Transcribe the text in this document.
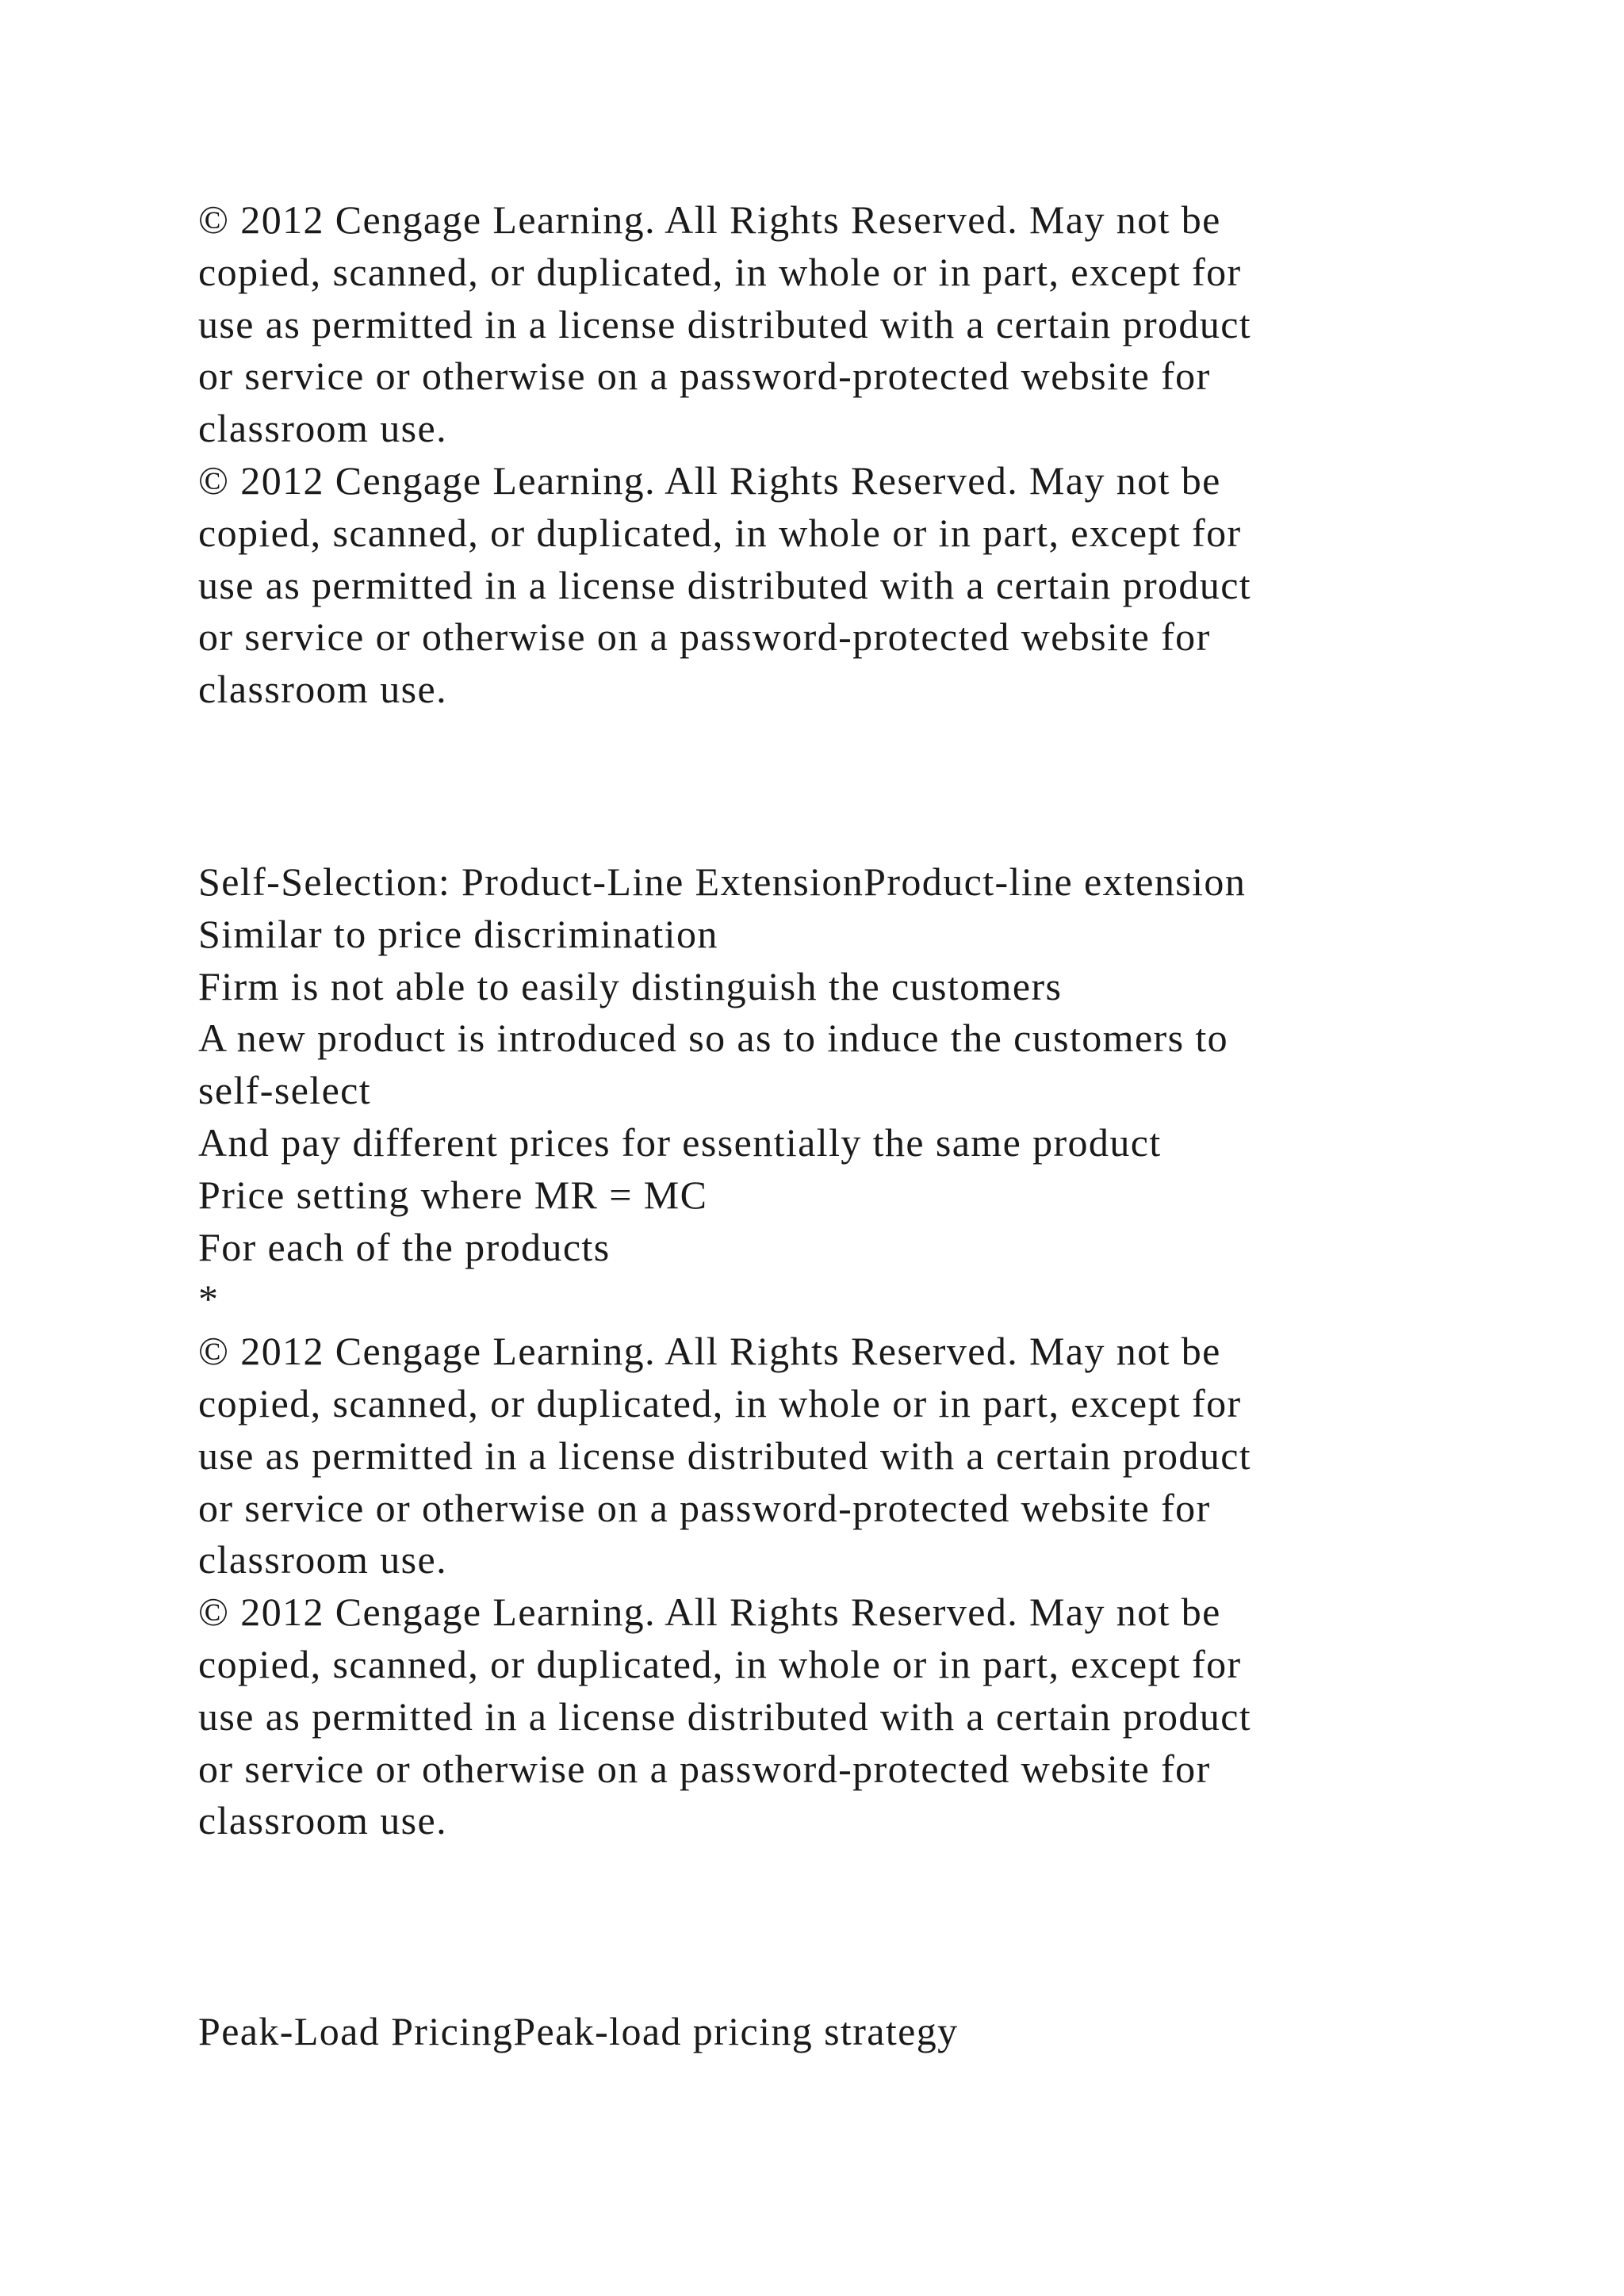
© 2012 Cengage Learning. All Rights Reserved. May not be
copied, scanned, or duplicated, in whole or in part, except for
use as permitted in a license distributed with a certain product
or service or otherwise on a password-protected website for
classroom use.
© 2012 Cengage Learning. All Rights Reserved. May not be
copied, scanned, or duplicated, in whole or in part, except for
use as permitted in a license distributed with a certain product
or service or otherwise on a password-protected website for
classroom use.
Self-Selection: Product-Line ExtensionProduct-line extension
Similar to price discrimination
Firm is not able to easily distinguish the customers
A new product is introduced so as to induce the customers to
self-select
And pay different prices for essentially the same product
Price setting where MR = MC
For each of the products
*
© 2012 Cengage Learning. All Rights Reserved. May not be
copied, scanned, or duplicated, in whole or in part, except for
use as permitted in a license distributed with a certain product
or service or otherwise on a password-protected website for
classroom use.
© 2012 Cengage Learning. All Rights Reserved. May not be
copied, scanned, or duplicated, in whole or in part, except for
use as permitted in a license distributed with a certain product
or service or otherwise on a password-protected website for
classroom use.
Peak-Load PricingPeak-load pricing strategy
